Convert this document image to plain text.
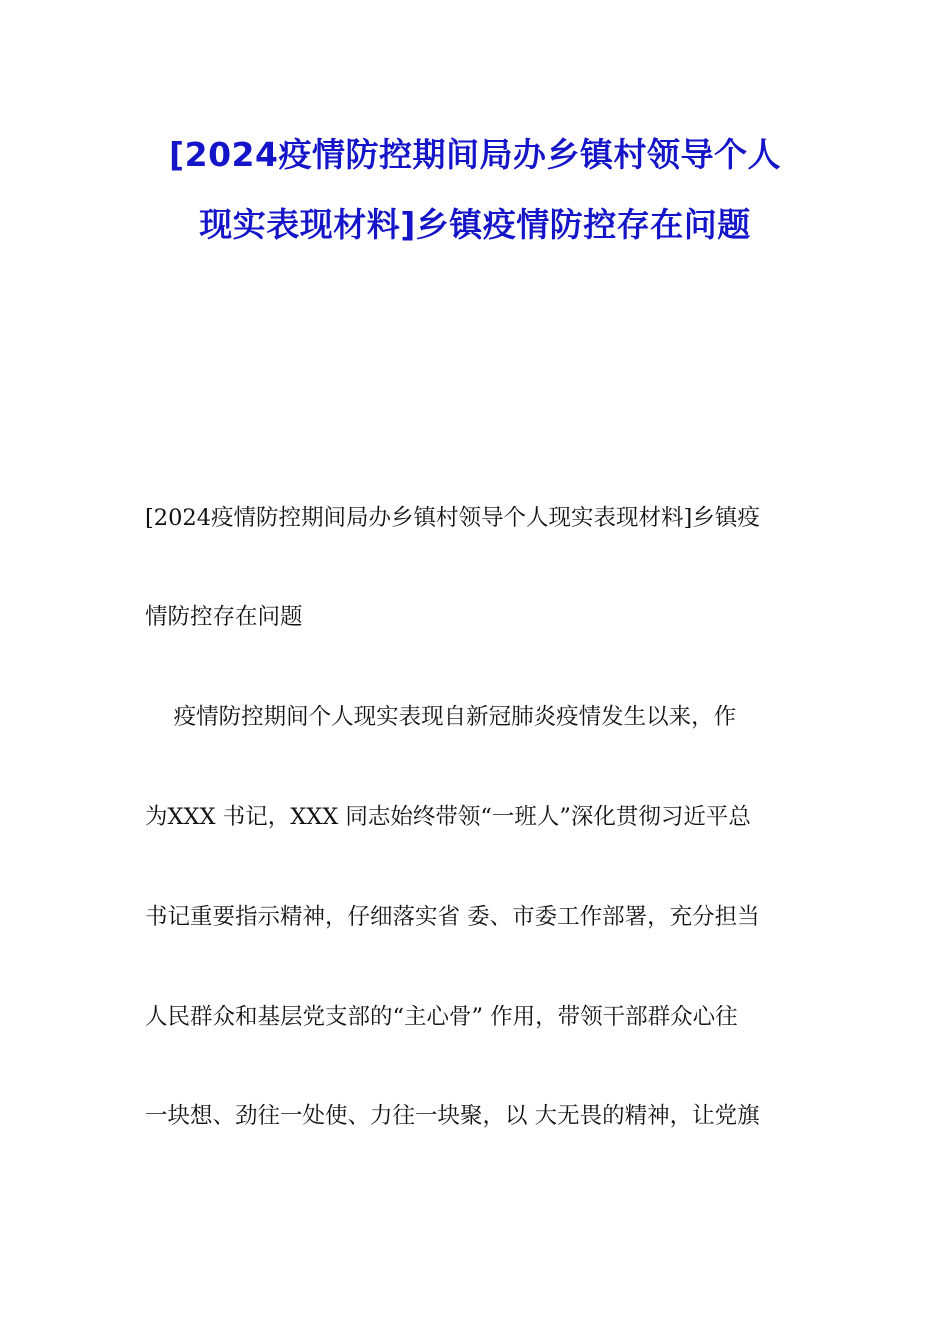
[2024疫情防控期间局办乡镇村领导个人
现实表现材料]乡镇疫情防控存在问题
[2024疫情防控期间局办乡镇村领导个人现实表现材料]乡镇疫
情防控存在问题
疫情防控期间个人现实表现自新冠肺炎疫情发生以来，作
为XXX 书记，XXX 同志始终带领“一班人”深化贯彻习近平总
书记重要指示精神，仔细落实省 委、市委工作部署，充分担当
人民群众和基层党支部的“主心骨” 作用，带领干部群众心往
一块想、劲往一处使、力往一块聚，以 大无畏的精神，让党旗
